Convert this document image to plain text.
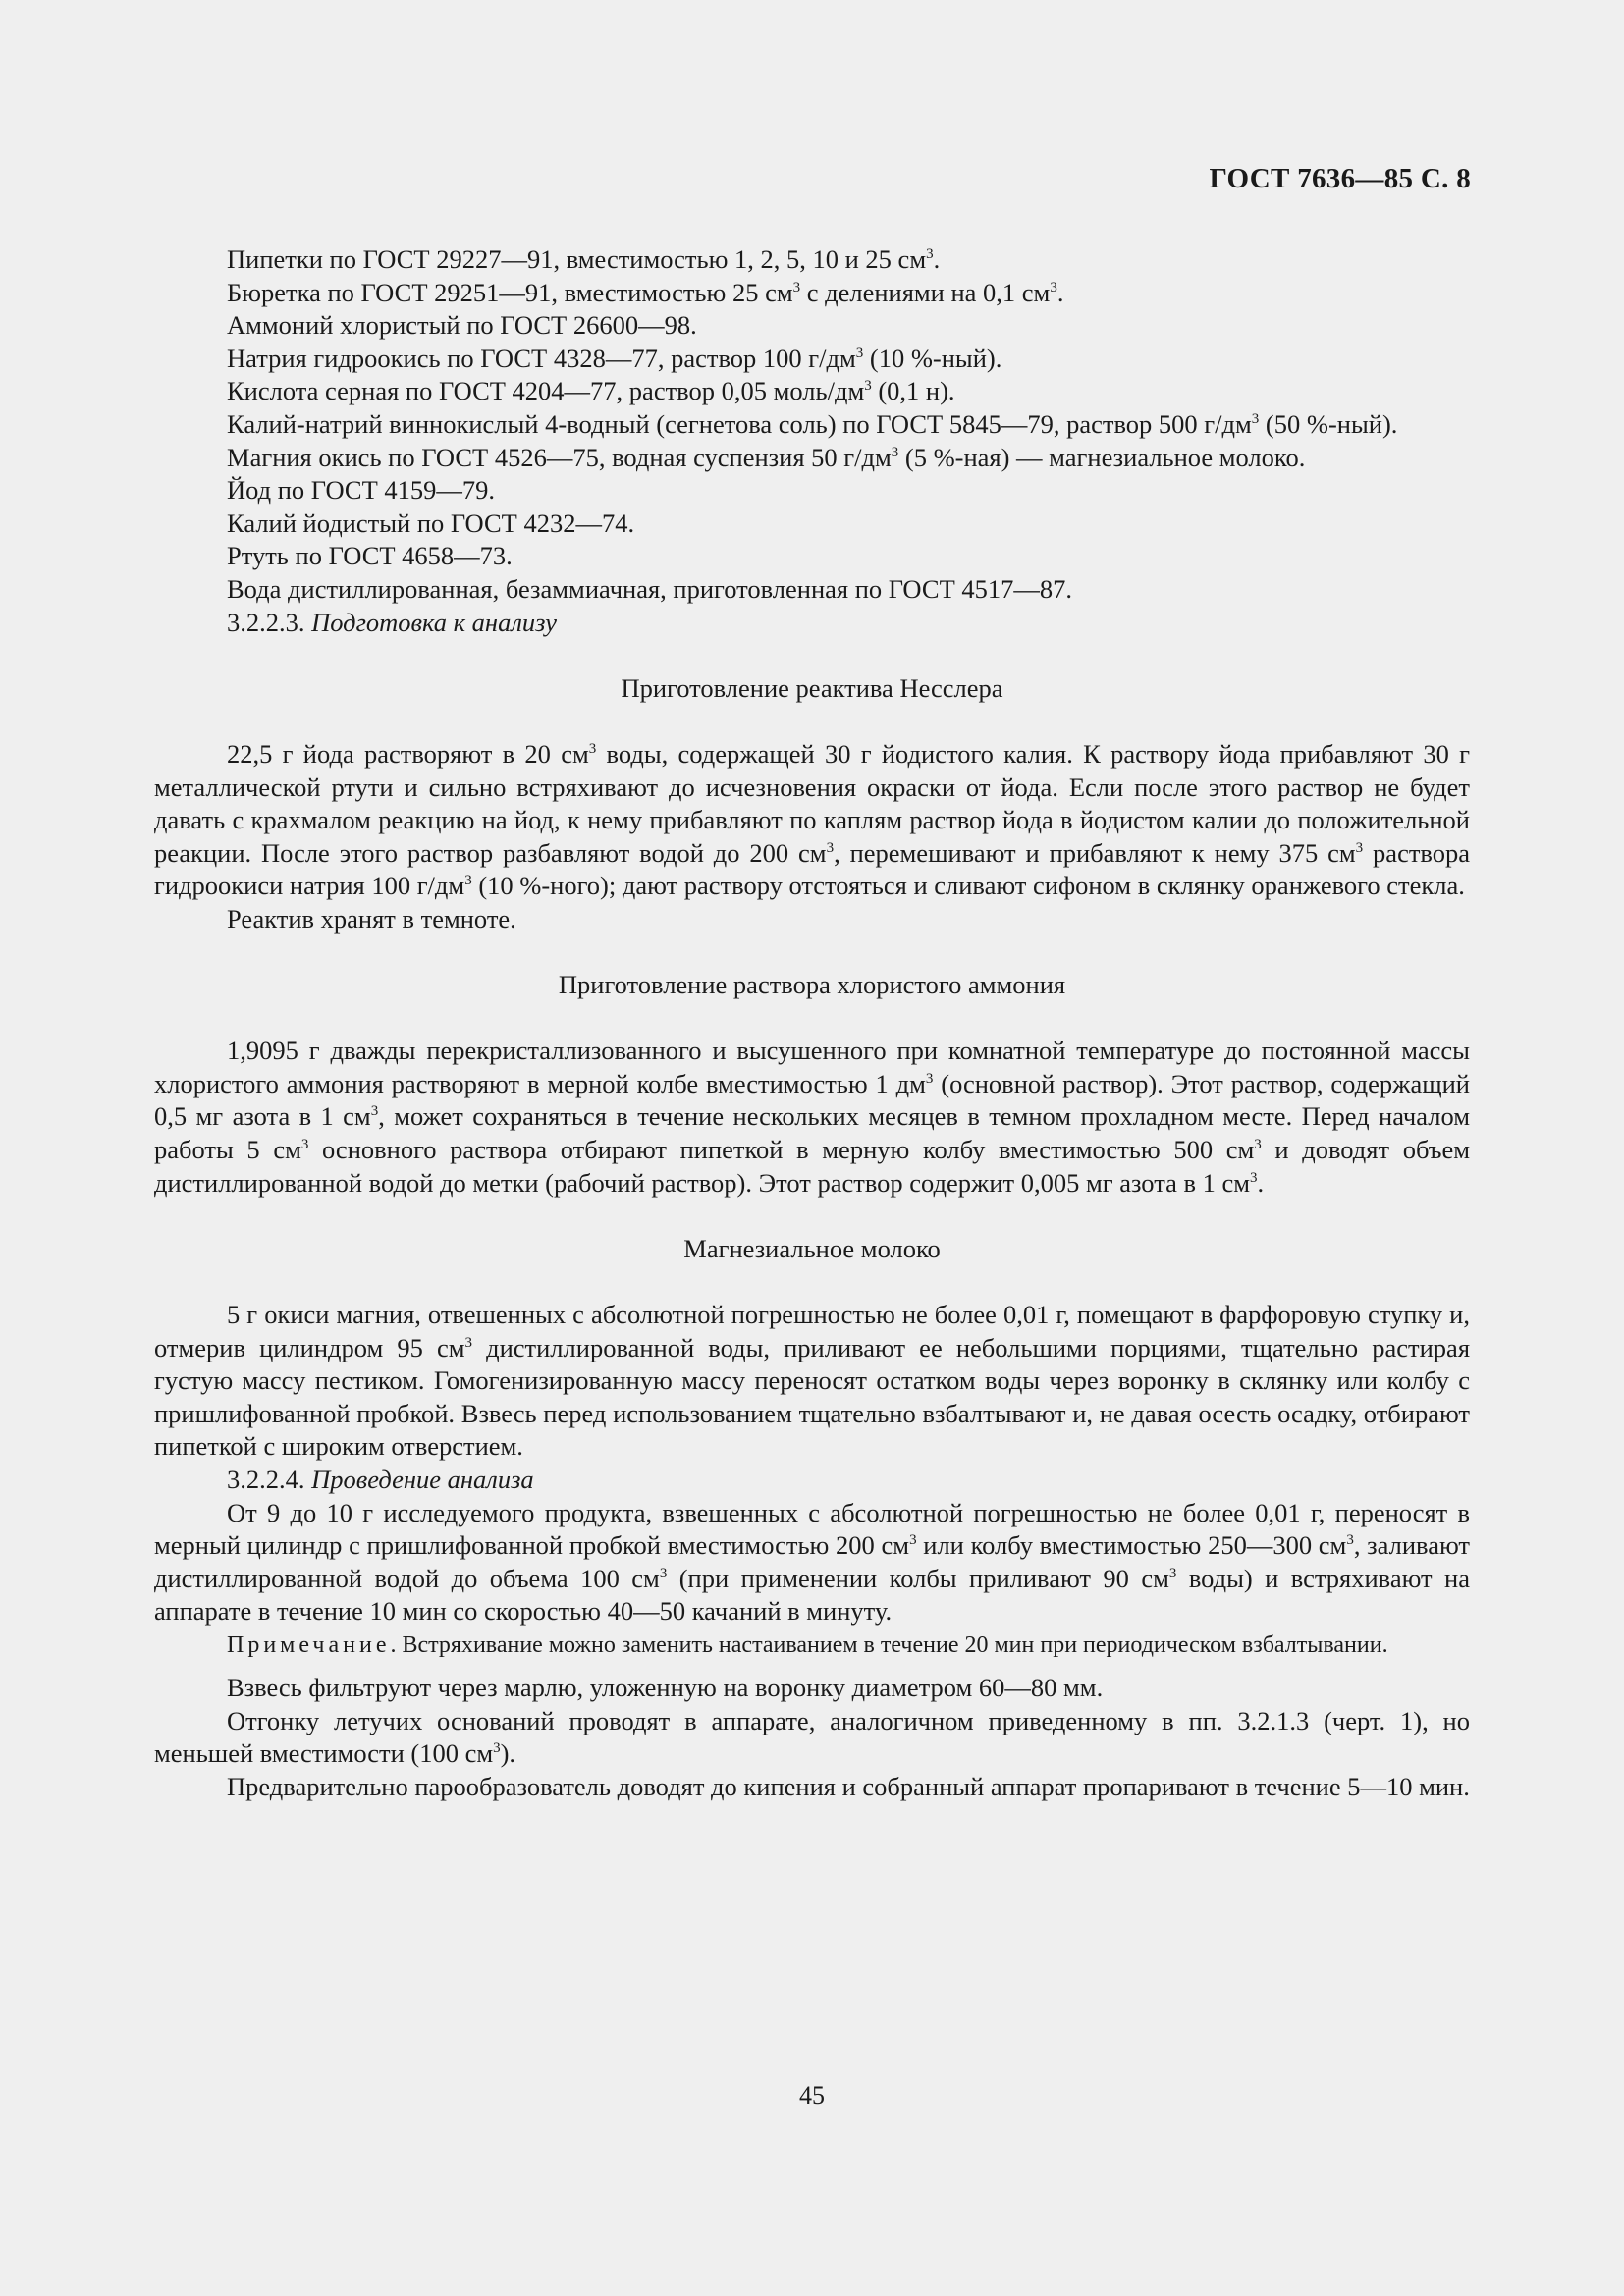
ГОСТ 7636—85 С. 8

Пипетки по ГОСТ 29227—91, вместимостью 1, 2, 5, 10 и 25 $см^3$.

Бюретка по ГОСТ 29251—91, вместимостью 25 $см^3$ с делениями на 0,1 $см^3$.

Аммоний хлористый по ГОСТ 26600—98.

Натрия гидроокись по ГОСТ 4328—77, раствор 100 $г/дм^3$ (10 %-ный).

Кислота серная по ГОСТ 4204—77, раствор 0,05 моль/$дм^3$ (0,1 н).

Калий-натрий виннокислый 4-водный (сегнетова соль) по ГОСТ 5845—79, раствор 500 $г/дм^3$ (50 %-ный).

Магния окись по ГОСТ 4526—75, водная суспензия 50 $г/дм^3$ (5 %-ная) — магнезиальное молоко.

Йод по ГОСТ 4159—79.

Калий йодистый по ГОСТ 4232—74.

Ртуть по ГОСТ 4658—73.

Вода дистиллированная, безаммиачная, приготовленная по ГОСТ 4517—87.

3.2.2.3. Подготовка к анализу

Приготовление реактива Несслера

22,5 г йода растворяют в 20 $см^3$ воды, содержащей 30 г йодистого калия. К раствору йода прибавляют 30 г металлической ртути и сильно встряхивают до исчезновения окраски от йода. Если после этого раствор не будет давать с крахмалом реакцию на йод, к нему прибавляют по каплям раствор йода в йодистом калии до положительной реакции. После этого раствор разбавляют водой до 200 $см^3$, перемешивают и прибавляют к нему 375 $см^3$ раствора гидроокиси натрия 100 $г/дм^3$ (10 %-ного); дают раствору отстояться и сливают сифоном в склянку оранжевого стекла.

Реактив хранят в темноте.

Приготовление раствора хлористого аммония

1,9095 г дважды перекристаллизованного и высушенного при комнатной температуре до постоянной массы хлористого аммония растворяют в мерной колбе вместимостью 1 $дм^3$ (основной раствор). Этот раствор, содержащий 0,5 мг азота в 1 $см^3$, может сохраняться в течение нескольких месяцев в темном прохладном месте. Перед началом работы 5 $см^3$ основного раствора отбирают пипеткой в мерную колбу вместимостью 500 $см^3$ и доводят объем дистиллированной водой до метки (рабочий раствор). Этот раствор содержит 0,005 мг азота в 1 $см^3$.

Магнезиальное молоко

5 г окиси магния, отвешенных с абсолютной погрешностью не более 0,01 г, помещают в фарфоровую ступку и, отмерив цилиндром 95 $см^3$ дистиллированной воды, приливают ее небольшими порциями, тщательно растирая густую массу пестиком. Гомогенизированную массу переносят остатком воды через воронку в склянку или колбу с пришлифованной пробкой. Взвесь перед использованием тщательно взбалтывают и, не давая осесть осадку, отбирают пипеткой с широким отверстием.

3.2.2.4. Проведение анализа

От 9 до 10 г исследуемого продукта, взвешенных с абсолютной погрешностью не более 0,01 г, переносят в мерный цилиндр с пришлифованной пробкой вместимостью 200 $см^3$ или колбу вместимостью 250—300 $см^3$, заливают дистиллированной водой до объема 100 $см^3$ (при применении колбы приливают 90 $см^3$ воды) и встряхивают на аппарате в течение 10 мин со скоростью 40—50 качаний в минуту.

Примечание. Встряхивание можно заменить настаиванием в течение 20 мин при периодическом взбалтывании.

Взвесь фильтруют через марлю, уложенную на воронку диаметром 60—80 мм.

Отгонку летучих оснований проводят в аппарате, аналогичном приведенному в пп. 3.2.1.3 (черт. 1), но меньшей вместимости (100 $см^3$).

Предварительно парообразователь доводят до кипения и собранный аппарат пропаривают в течение 5—10 мин.

45
